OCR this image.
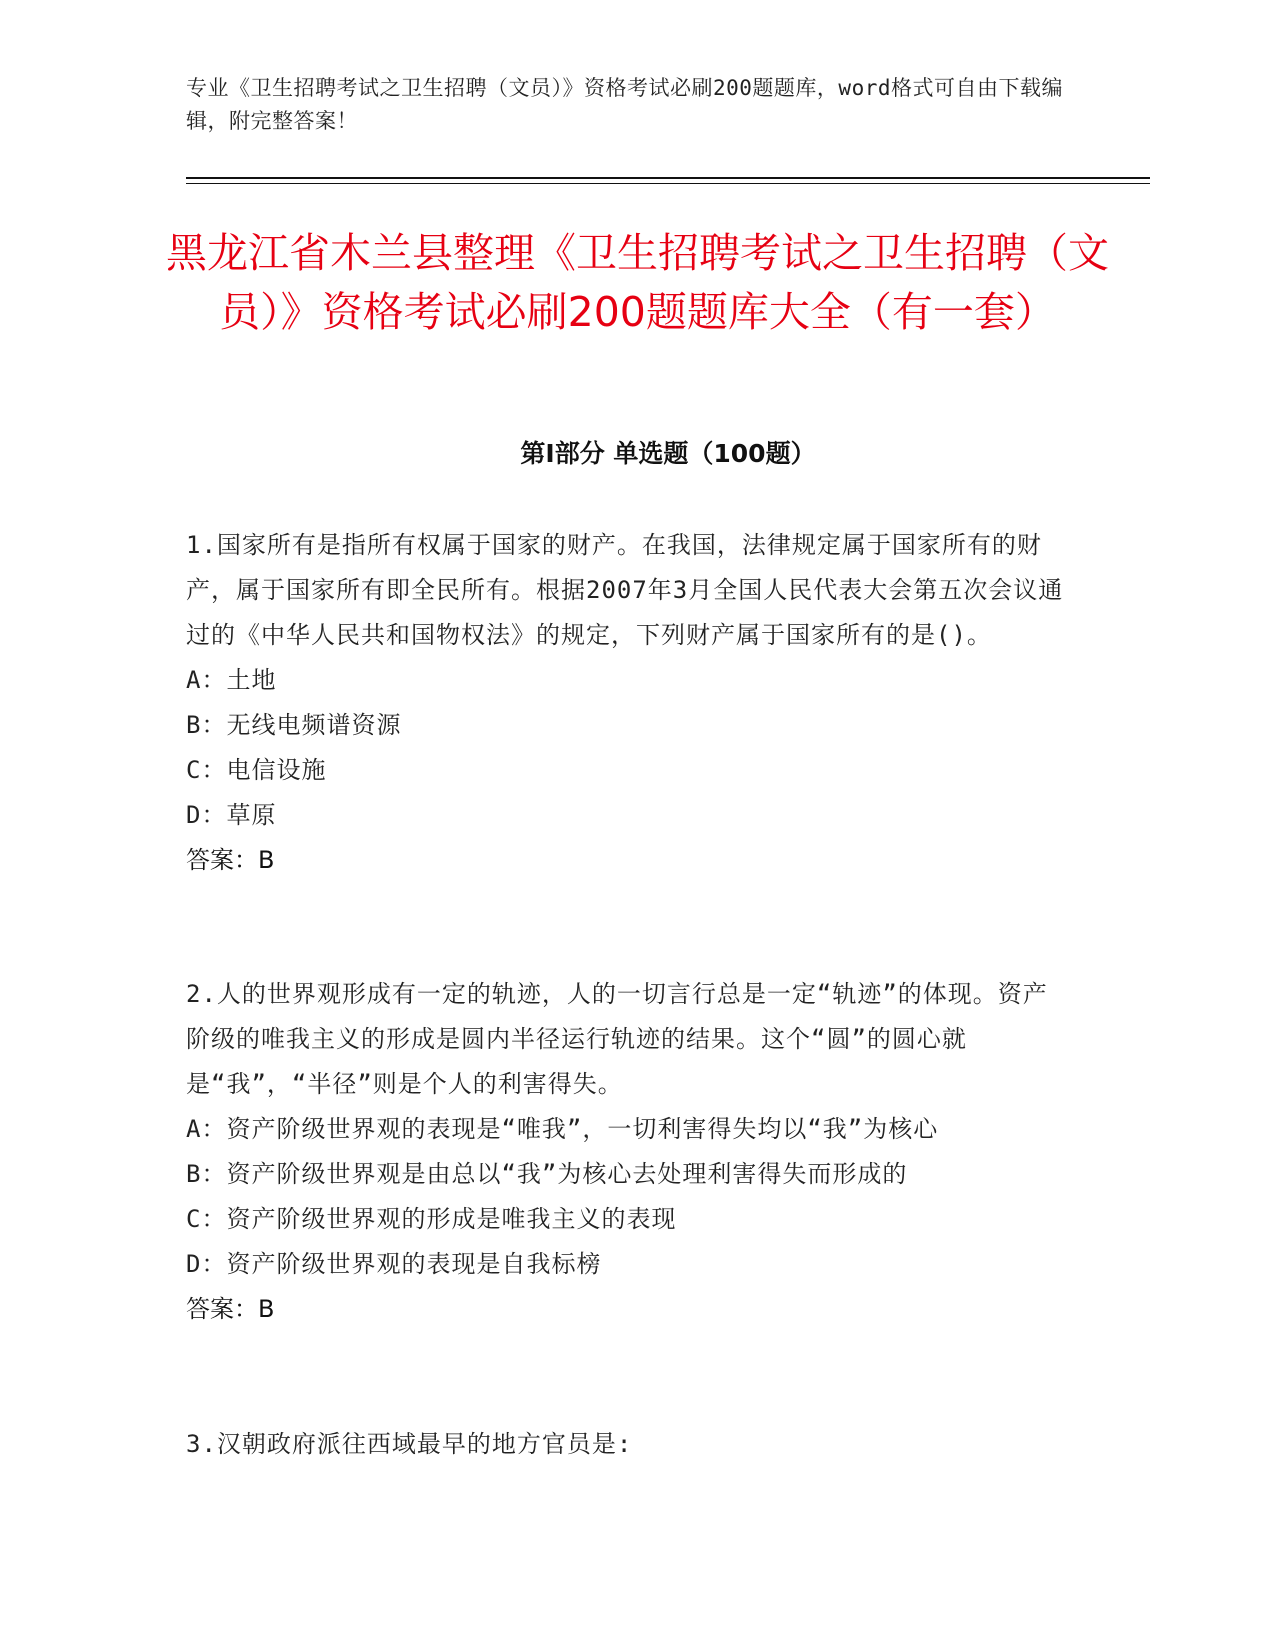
专业《卫生招聘考试之卫生招聘（文员）》资格考试必刷200题题库，word格式可自由下载编辑，附完整答案！
黑龙江省木兰县整理《卫生招聘考试之卫生招聘（文员）》资格考试必刷200题题库大全（有一套）
第I部分 单选题（100题）

1.国家所有是指所有权属于国家的财产。在我国，法律规定属于国家所有的财产，属于国家所有即全民所有。根据2007年3月全国人民代表大会第五次会议通过的《中华人民共和国物权法》的规定，下列财产属于国家所有的是()。

A：土地

B：无线电频谱资源

C：电信设施

D：草原

答案：B

2.人的世界观形成有一定的轨迹，人的一切言行总是一定“轨迹”的体现。资产阶级的唯我主义的形成是圆内半径运行轨迹的结果。这个“圆”的圆心就是“我”，“半径”则是个人的利害得失。

A：资产阶级世界观的表现是“唯我”，一切利害得失均以“我”为核心

B：资产阶级世界观是由总以“我”为核心去处理利害得失而形成的

C：资产阶级世界观的形成是唯我主义的表现

D：资产阶级世界观的表现是自我标榜

答案：B

3.汉朝政府派往西域最早的地方官员是:
